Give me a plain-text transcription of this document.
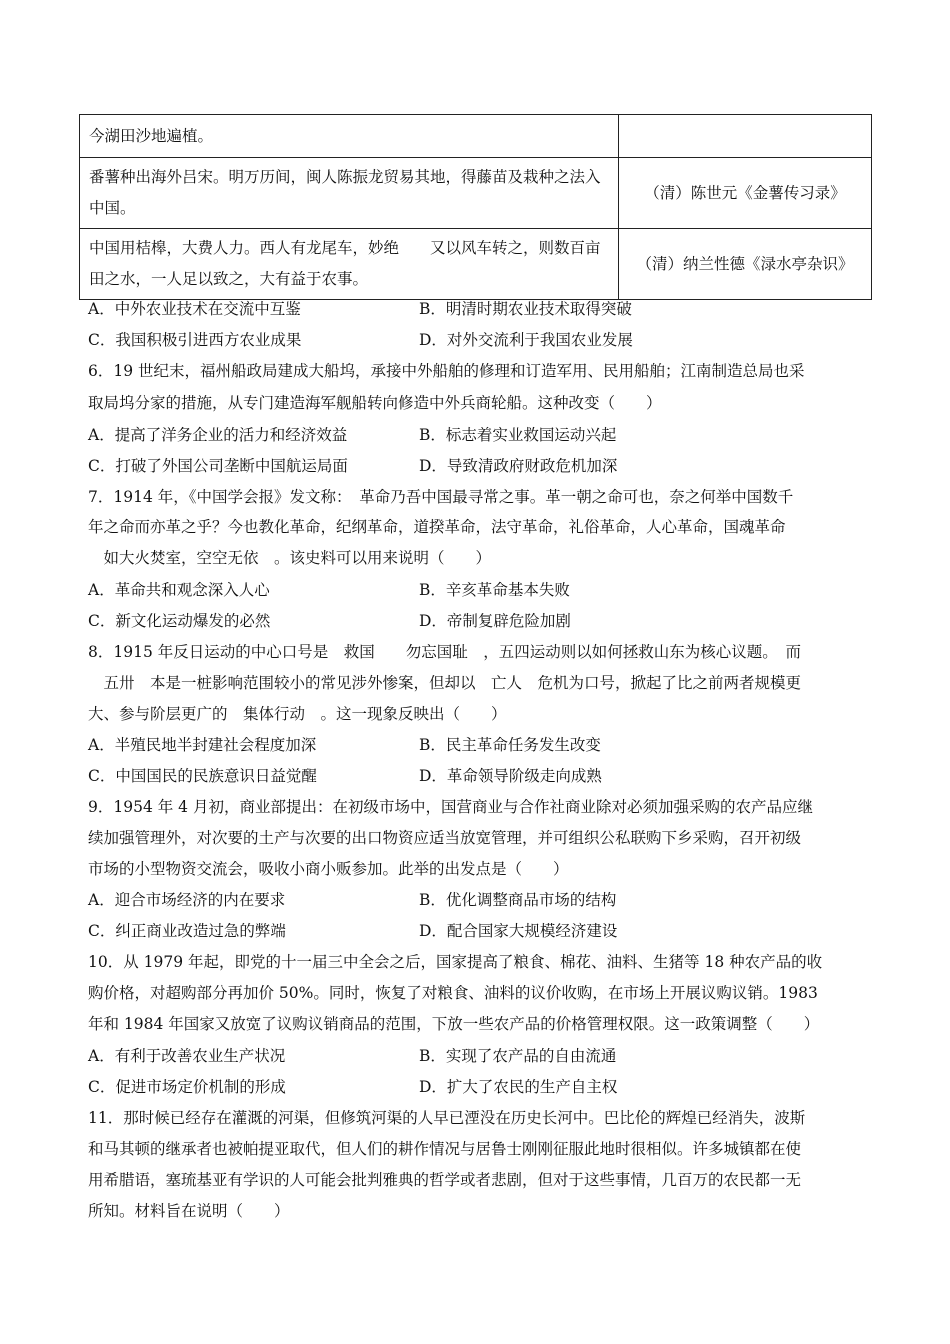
今湖田沙地遍植。	
番薯种出海外吕宋。明万历间，闽人陈振龙贸易其地，得藤苗及栽种之法入中国。	（清）陈世元《金薯传习录》
中国用桔槔，大费人力。西人有龙尾车，妙绝　　又以风车转之，则数百亩田之水，一人足以致之，大有益于农事。	（清）纳兰性德《渌水亭杂识》
A．中外农业技术在交流中互鉴	B．明清时期农业技术取得突破
C．我国积极引进西方农业成果	D．对外交流利于我国农业发展
6．19 世纪末，福州船政局建成大船坞，承接中外船舶的修理和订造军用、民用船舶；江南制造总局也采
取局坞分家的措施，从专门建造海军舰船转向修造中外兵商轮船。这种改变（　　）
A．提高了洋务企业的活力和经济效益	B．标志着实业救国运动兴起
C．打破了外国公司垄断中国航运局面	D．导致清政府财政危机加深
7．1914 年，《中国学会报》发文称：　革命乃吾中国最寻常之事。革一朝之命可也，奈之何举中国数千
年之命而亦革之乎？今也教化革命，纪纲革命，道揆革命，法守革命，礼俗革命，人心革命，国魂革命
　如大火焚室，空空无依　。该史料可以用来说明（　　）
A．革命共和观念深入人心	B．辛亥革命基本失败
C．新文化运动爆发的必然	D．帝制复辟危险加剧
8．1915 年反日运动的中心口号是　救国　　勿忘国耻　，五四运动则以如何拯救山东为核心议题。　而
　五卅　本是一桩影响范围较小的常见涉外惨案，但却以　亡人　危机为口号，掀起了比之前两者规模更
大、参与阶层更广的　集体行动　。这一现象反映出（　　）
A．半殖民地半封建社会程度加深	B．民主革命任务发生改变
C．中国国民的民族意识日益觉醒	D．革命领导阶级走向成熟
9．1954 年 4 月初，商业部提出：在初级市场中，国营商业与合作社商业除对必须加强采购的农产品应继
续加强管理外，对次要的土产与次要的出口物资应适当放宽管理，并可组织公私联购下乡采购，召开初级
市场的小型物资交流会，吸收小商小贩参加。此举的出发点是（　　）
A．迎合市场经济的内在要求	B．优化调整商品市场的结构
C．纠正商业改造过急的弊端	D．配合国家大规模经济建设
10．从 1979 年起，即党的十一届三中全会之后，国家提高了粮食、棉花、油料、生猪等 18 种农产品的收
购价格，对超购部分再加价 50%。同时，恢复了对粮食、油料的议价收购，在市场上开展议购议销。1983
年和 1984 年国家又放宽了议购议销商品的范围，下放一些农产品的价格管理权限。这一政策调整（　　）
A．有利于改善农业生产状况	B．实现了农产品的自由流通
C．促进市场定价机制的形成	D．扩大了农民的生产自主权
11．那时候已经存在灌溉的河渠，但修筑河渠的人早已湮没在历史长河中。巴比伦的辉煌已经消失，波斯
和马其顿的继承者也被帕提亚取代，但人们的耕作情况与居鲁士刚刚征服此地时很相似。许多城镇都在使
用希腊语，塞琉基亚有学识的人可能会批判雅典的哲学或者悲剧，但对于这些事情，几百万的农民都一无
所知。材料旨在说明（　　）
